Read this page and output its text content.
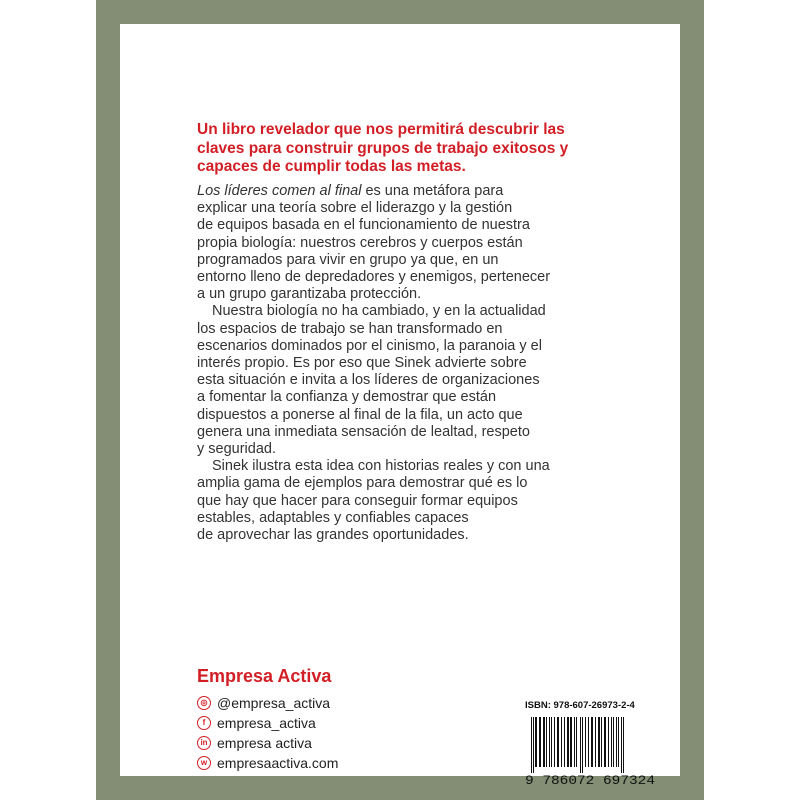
Un libro revelador que nos permitirá descubrir las
claves para construir grupos de trabajo exitosos y
capaces de cumplir todas las metas.

Los líderes comen al final es una metáfora para
explicar una teoría sobre el liderazgo y la gestión
de equipos basada en el funcionamiento de nuestra
propia biología: nuestros cerebros y cuerpos están
programados para vivir en grupo ya que, en un
entorno lleno de depredadores y enemigos, pertenecer
a un grupo garantizaba protección.
Nuestra biología no ha cambiado, y en la actualidad
los espacios de trabajo se han transformado en
escenarios dominados por el cinismo, la paranoia y el
interés propio. Es por eso que Sinek advierte sobre
esta situación e invita a los líderes de organizaciones
a fomentar la confianza y demostrar que están
dispuestos a ponerse al final de la fila, un acto que
genera una inmediata sensación de lealtad, respeto
y seguridad.
Sinek ilustra esta idea con historias reales y con una
amplia gama de ejemplos para demostrar qué es lo
que hay que hacer para conseguir formar equipos
estables, adaptables y confiables capaces
de aprovechar las grandes oportunidades.
Empresa Activa
◎ @empresa_activa
f empresa_activa
in empresa activa
w empresaactiva.com
ISBN: 978-607-26973-2-4
9 786072 697324
